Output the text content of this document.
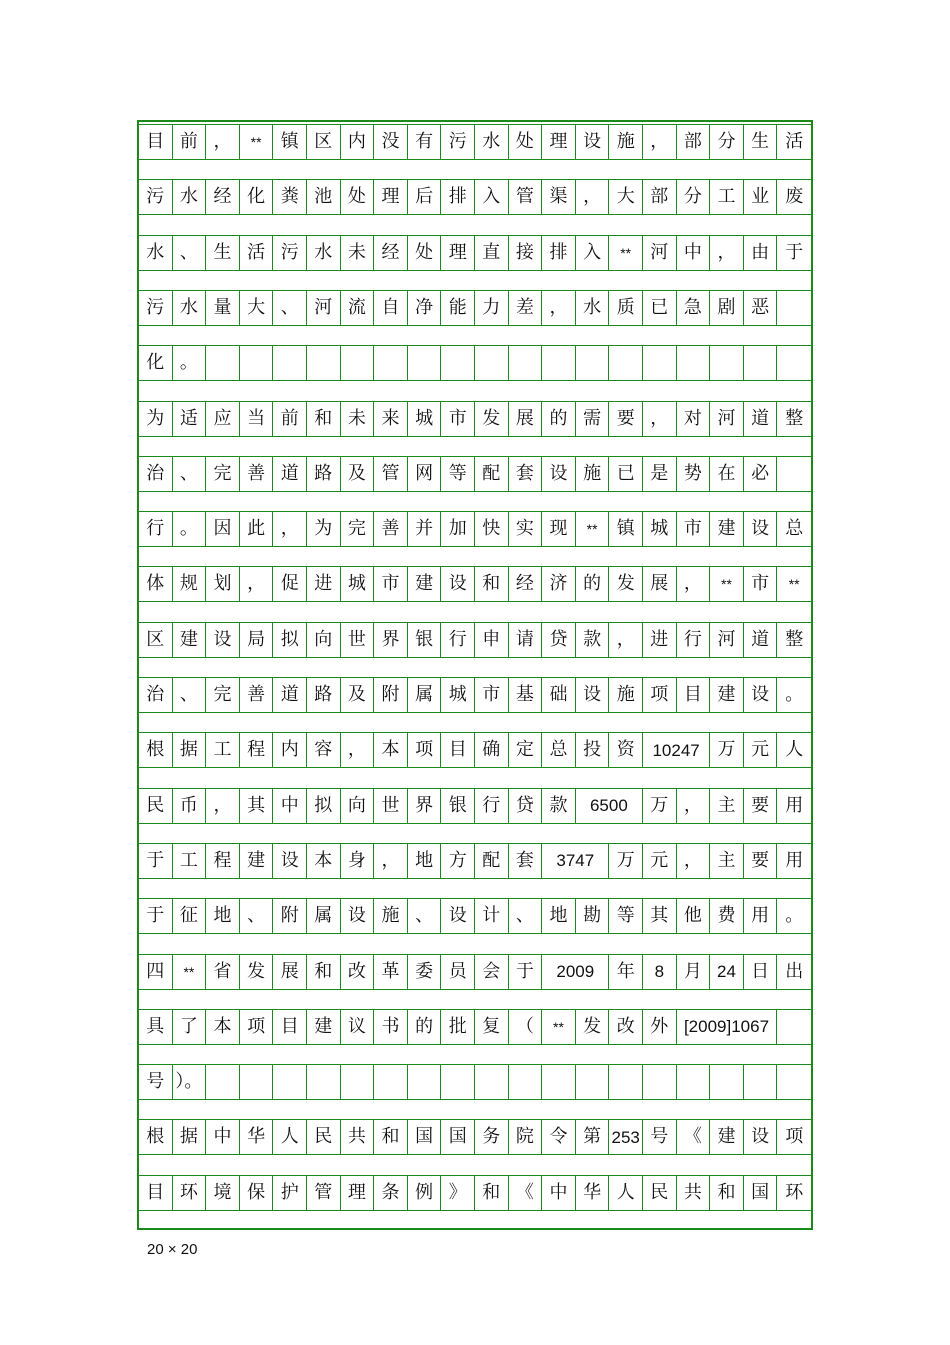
目 前 ， ** 镇 区 内 没 有 污 水 处 理 设 施 ， 部 分 生 活
污 水 经 化 粪 池 处 理 后 排 入 管 渠 ， 大 部 分 工 业 废
水 、 生 活 污 水 未 经 处 理 直 接 排 入 ** 河 中 ， 由 于
污 水 量 大 、 河 流 自 净 能 力 差 ， 水 质 已 急 剧 恶
化 。
为 适 应 当 前 和 未 来 城 市 发 展 的 需 要 ， 对 河 道 整
治 、 完 善 道 路 及 管 网 等 配 套 设 施 已 是 势 在 必
行 。 因 此 ， 为 完 善 并 加 快 实 现 ** 镇 城 市 建 设 总
体 规 划 ， 促 进 城 市 建 设 和 经 济 的 发 展 ， ** 市 **
区 建 设 局 拟 向 世 界 银 行 申 请 贷 款 ， 进 行 河 道 整
治 、 完 善 道 路 及 附 属 城 市 基 础 设 施 项 目 建 设 。
根 据 工 程 内 容 ， 本 项 目 确 定 总 投 资 10247 万 元 人
民 币 ， 其 中 拟 向 世 界 银 行 贷 款 6500 万 ， 主 要 用
于 工 程 建 设 本 身 ， 地 方 配 套 3747 万 元 ， 主 要 用
于 征 地 、 附 属 设 施 、 设 计 、 地 勘 等 其 他 费 用 。
四 ** 省 发 展 和 改 革 委 员 会 于 2009 年 8 月 24 日 出
具 了 本 项 目 建 议 书 的 批 复 （ ** 发 改 外 [2009]1067
号 ）。
根 据 中 华 人 民 共 和 国 国 务 院 令 第 253 号 《 建 设 项
目 环 境 保 护 管 理 条 例 》 和 《 中 华 人 民 共 和 国 环
20 × 20
